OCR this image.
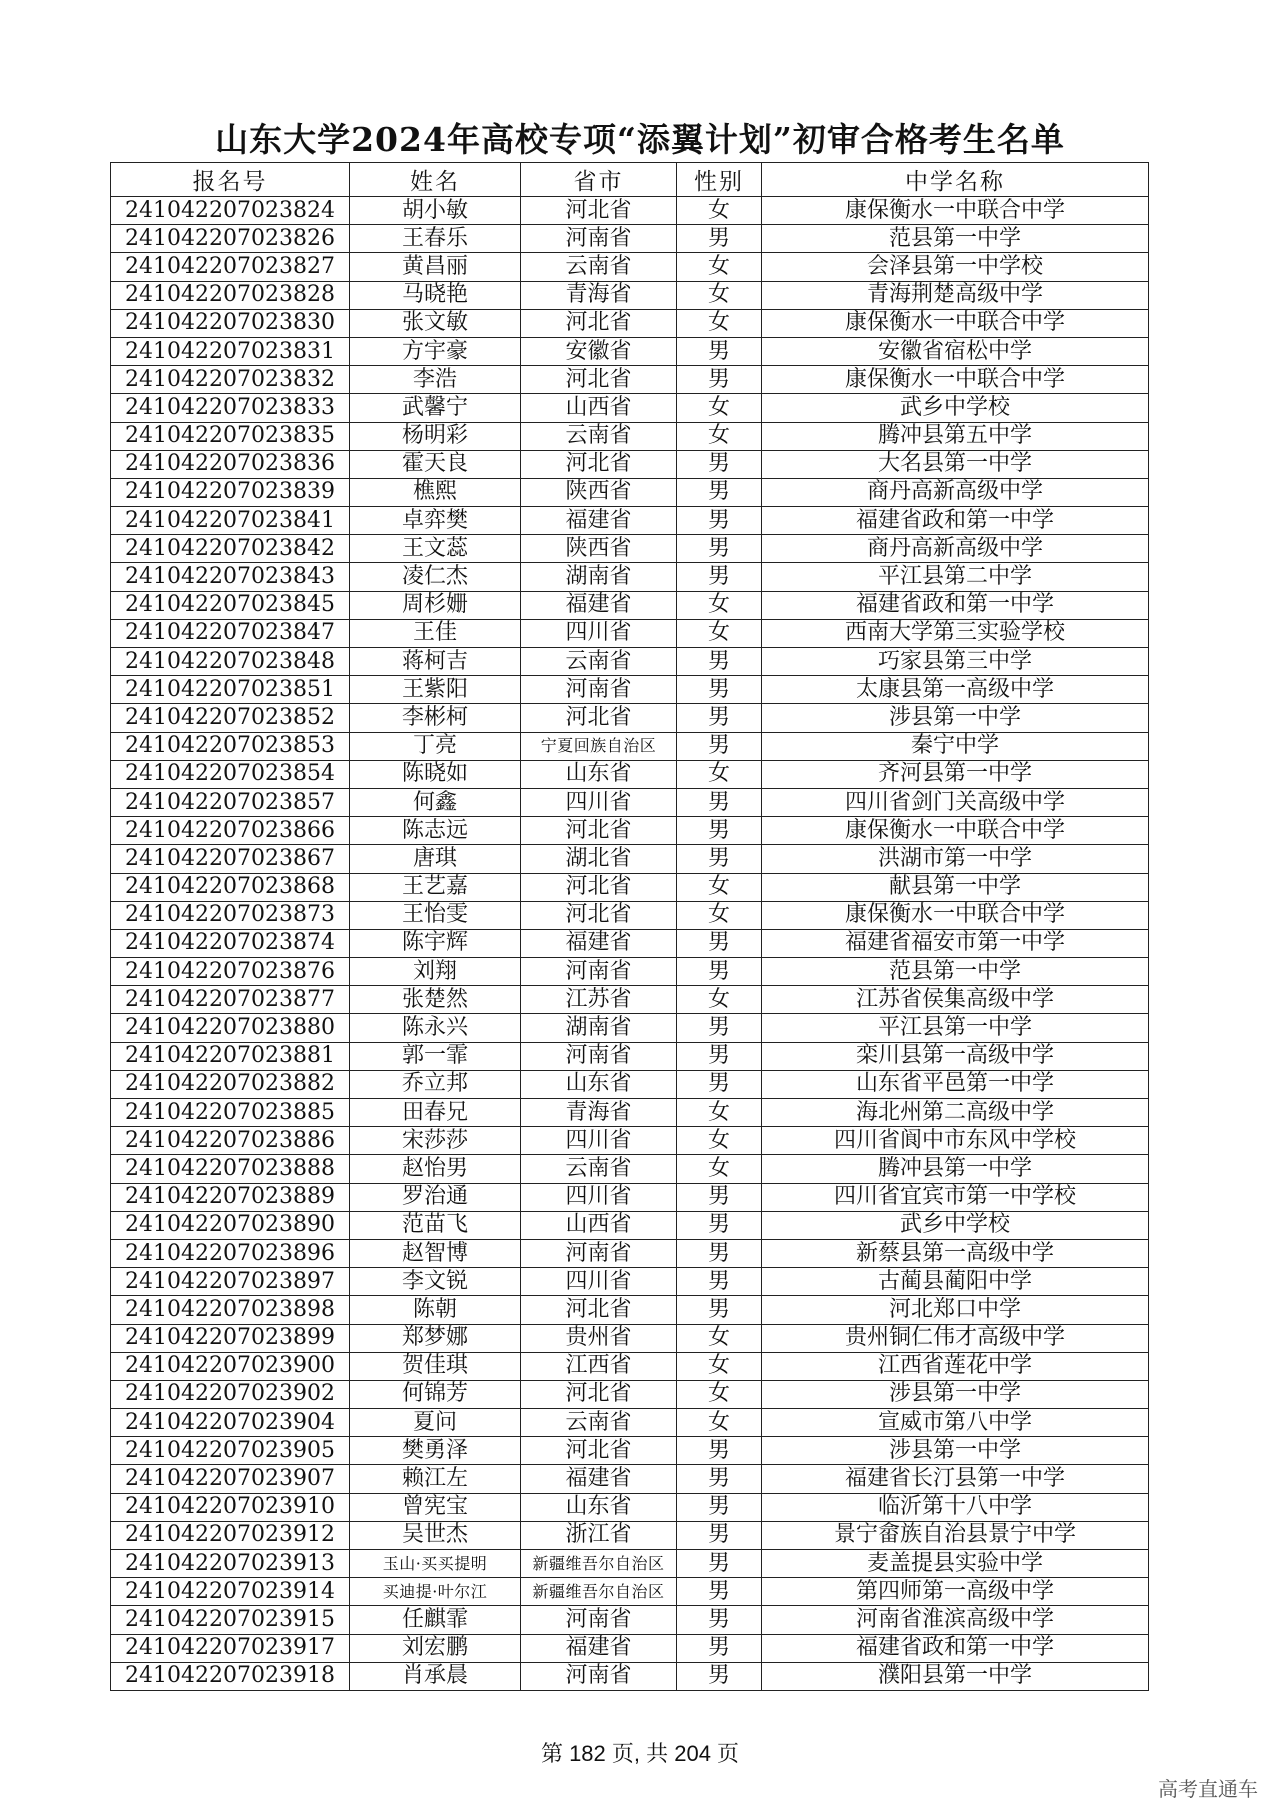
山东大学2024年高校专项“添翼计划”初审合格考生名单
报名号	姓名	省市	性别	中学名称
241042207023824	胡小敏	河北省	女	康保衡水一中联合中学
241042207023826	王春乐	河南省	男	范县第一中学
241042207023827	黄昌丽	云南省	女	会泽县第一中学校
241042207023828	马晓艳	青海省	女	青海荆楚高级中学
241042207023830	张文敏	河北省	女	康保衡水一中联合中学
241042207023831	方宇豪	安徽省	男	安徽省宿松中学
241042207023832	李浩	河北省	男	康保衡水一中联合中学
241042207023833	武馨宁	山西省	女	武乡中学校
241042207023835	杨明彩	云南省	女	腾冲县第五中学
241042207023836	霍天良	河北省	男	大名县第一中学
241042207023839	樵熙	陕西省	男	商丹高新高级中学
241042207023841	卓弈樊	福建省	男	福建省政和第一中学
241042207023842	王文蕊	陕西省	男	商丹高新高级中学
241042207023843	凌仁杰	湖南省	男	平江县第二中学
241042207023845	周杉姗	福建省	女	福建省政和第一中学
241042207023847	王佳	四川省	女	西南大学第三实验学校
241042207023848	蒋柯吉	云南省	男	巧家县第三中学
241042207023851	王紫阳	河南省	男	太康县第一高级中学
241042207023852	李彬柯	河北省	男	涉县第一中学
241042207023853	丁亮	宁夏回族自治区	男	秦宁中学
241042207023854	陈晓如	山东省	女	齐河县第一中学
241042207023857	何鑫	四川省	男	四川省剑门关高级中学
241042207023866	陈志远	河北省	男	康保衡水一中联合中学
241042207023867	唐琪	湖北省	男	洪湖市第一中学
241042207023868	王艺嘉	河北省	女	献县第一中学
241042207023873	王怡雯	河北省	女	康保衡水一中联合中学
241042207023874	陈宇辉	福建省	男	福建省福安市第一中学
241042207023876	刘翔	河南省	男	范县第一中学
241042207023877	张楚然	江苏省	女	江苏省侯集高级中学
241042207023880	陈永兴	湖南省	男	平江县第一中学
241042207023881	郭一霏	河南省	男	栾川县第一高级中学
241042207023882	乔立邦	山东省	男	山东省平邑第一中学
241042207023885	田春兄	青海省	女	海北州第二高级中学
241042207023886	宋莎莎	四川省	女	四川省阆中市东风中学校
241042207023888	赵怡男	云南省	女	腾冲县第一中学
241042207023889	罗治通	四川省	男	四川省宜宾市第一中学校
241042207023890	范苗飞	山西省	男	武乡中学校
241042207023896	赵智博	河南省	男	新蔡县第一高级中学
241042207023897	李文锐	四川省	男	古蔺县蔺阳中学
241042207023898	陈朝	河北省	男	河北郑口中学
241042207023899	郑梦娜	贵州省	女	贵州铜仁伟才高级中学
241042207023900	贺佳琪	江西省	女	江西省莲花中学
241042207023902	何锦芳	河北省	女	涉县第一中学
241042207023904	夏问	云南省	女	宣威市第八中学
241042207023905	樊勇泽	河北省	男	涉县第一中学
241042207023907	赖江左	福建省	男	福建省长汀县第一中学
241042207023910	曾宪宝	山东省	男	临沂第十八中学
241042207023912	吴世杰	浙江省	男	景宁畲族自治县景宁中学
241042207023913	玉山·买买提明	新疆维吾尔自治区	男	麦盖提县实验中学
241042207023914	买迪提·叶尔江	新疆维吾尔自治区	男	第四师第一高级中学
241042207023915	任麒霏	河南省	男	河南省淮滨高级中学
241042207023917	刘宏鹏	福建省	男	福建省政和第一中学
241042207023918	肖承晨	河南省	男	濮阳县第一中学
第 182 页, 共 204 页
高考直通车
